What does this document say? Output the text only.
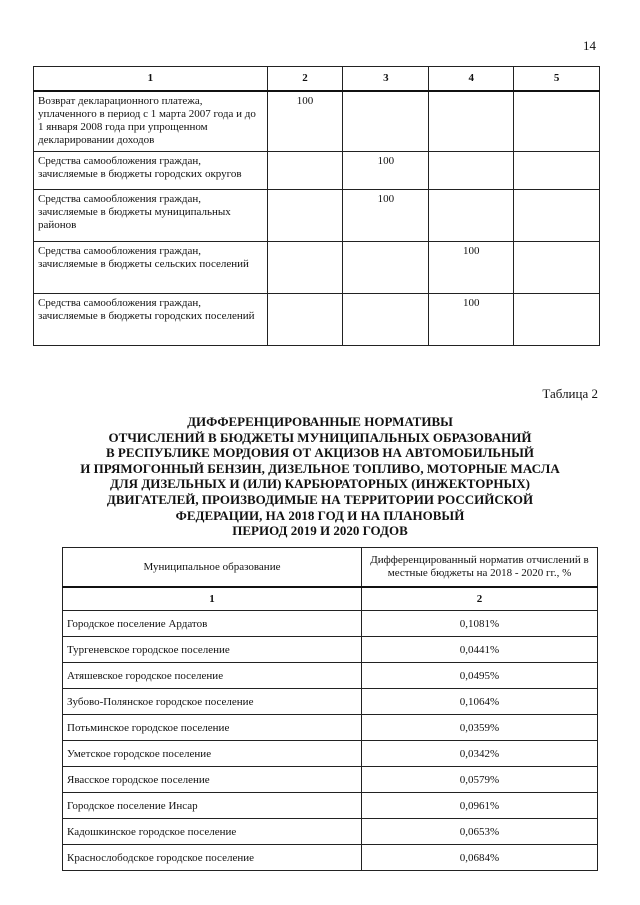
14
1	2	3	4	5
Возврат декларационного платежа, уплаченного в период с 1 марта 2007 года и до 1 января 2008 года при упрощенном декларировании доходов	100			
Средства самообложения граждан, зачисляемые в бюджеты городских округов		100		
Средства самообложения граждан, зачисляемые в бюджеты муниципальных районов		100		
Средства самообложения граждан, зачисляемые в бюджеты сельских поселений			100	
Средства самообложения граждан, зачисляемые в бюджеты городских поселений			100	
Таблица 2
ДИФФЕРЕНЦИРОВАННЫЕ НОРМАТИВЫ
ОТЧИСЛЕНИЙ В БЮДЖЕТЫ МУНИЦИПАЛЬНЫХ ОБРАЗОВАНИЙ
В РЕСПУБЛИКЕ МОРДОВИЯ ОТ АКЦИЗОВ НА АВТОМОБИЛЬНЫЙ
И ПРЯМОГОННЫЙ БЕНЗИН, ДИЗЕЛЬНОЕ ТОПЛИВО, МОТОРНЫЕ МАСЛА
ДЛЯ ДИЗЕЛЬНЫХ И (ИЛИ) КАРБЮРАТОРНЫХ (ИНЖЕКТОРНЫХ)
ДВИГАТЕЛЕЙ, ПРОИЗВОДИМЫЕ НА ТЕРРИТОРИИ РОССИЙСКОЙ
ФЕДЕРАЦИИ, НА 2018 ГОД И НА ПЛАНОВЫЙ
ПЕРИОД 2019 И 2020 ГОДОВ
Муниципальное образование	Дифференцированный норматив отчислений в местные бюджеты на 2018 - 2020 гг., %
1	2
Городское поселение Ардатов	0,1081%
Тургеневское городское поселение	0,0441%
Атяшевское городское поселение	0,0495%
Зубово-Полянское городское поселение	0,1064%
Потьминское городское поселение	0,0359%
Уметское городское поселение	0,0342%
Явасское городское поселение	0,0579%
Городское поселение Инсар	0,0961%
Кадошкинское городское поселение	0,0653%
Краснослободское городское поселение	0,0684%
